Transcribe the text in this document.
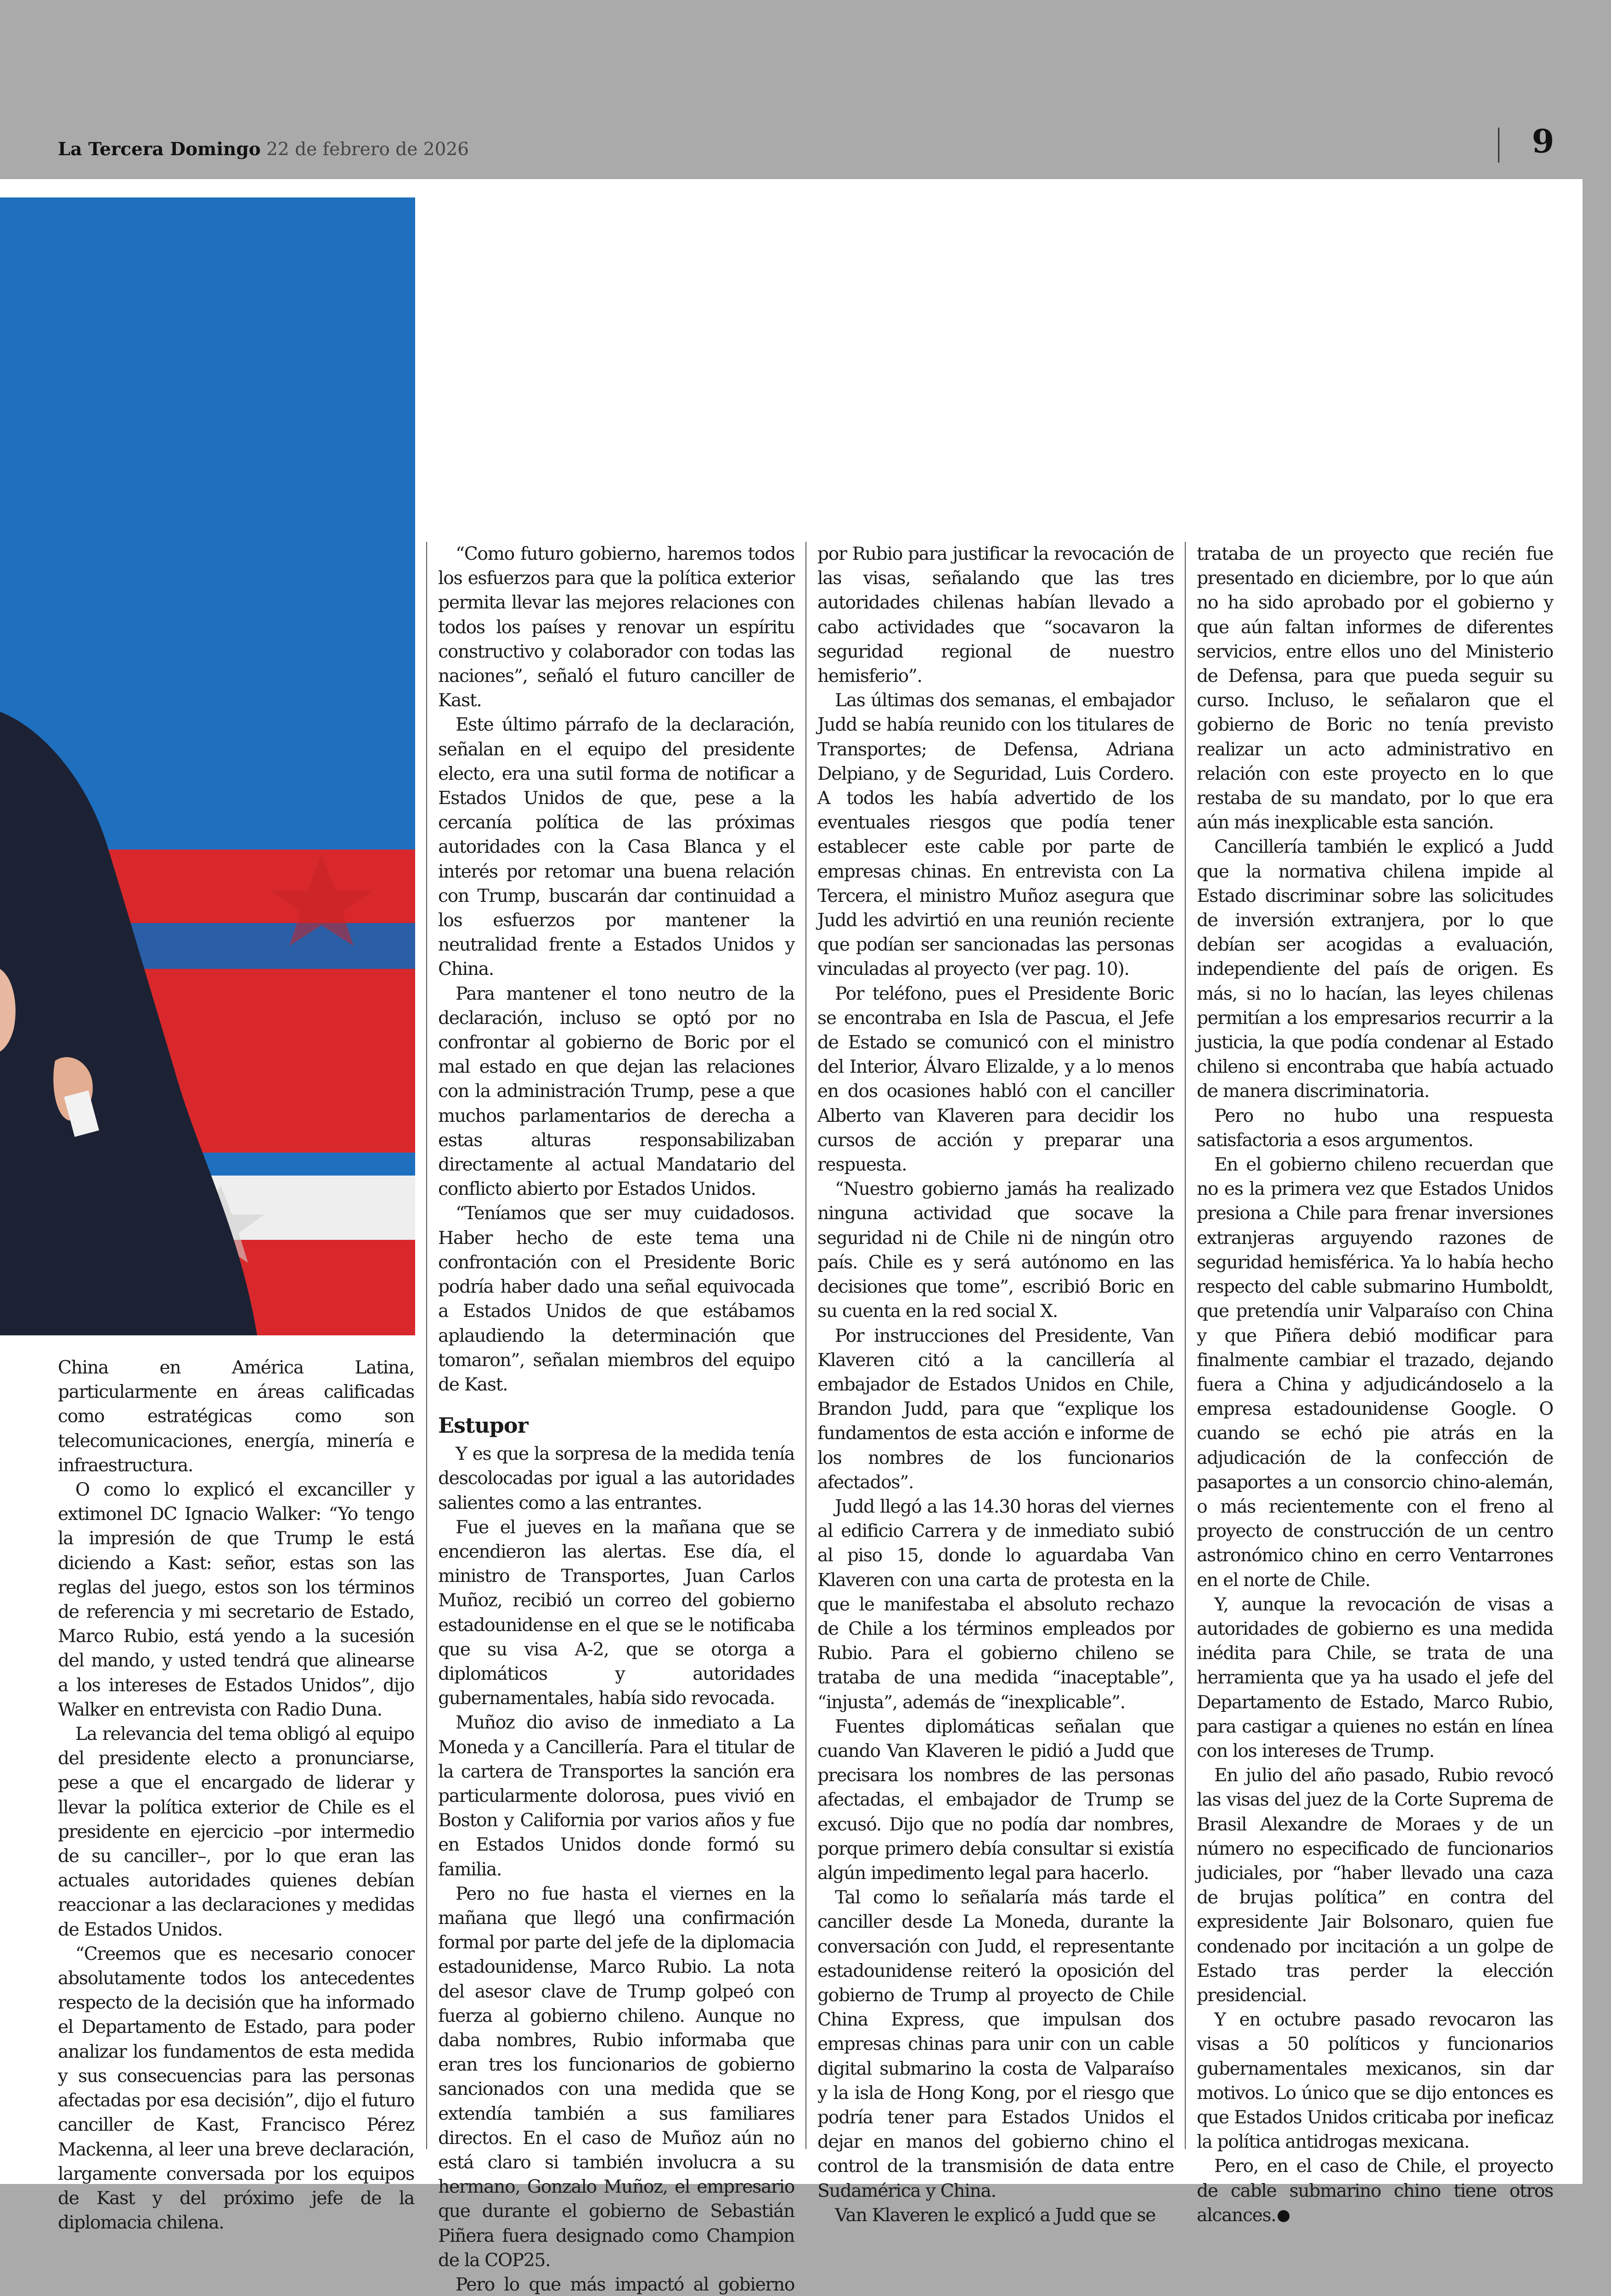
La Tercera Domingo 22 de febrero de 2026	9

China en América Latina, particularmente en áreas calificadas como estratégicas como son telecomunicaciones, energía, minería e infraestructura.

O como lo explicó el excanciller y extimonel DC Ignacio Walker: “Yo tengo la impresión de que Trump le está diciendo a Kast: señor, estas son las reglas del juego, estos son los términos de referencia y mi secretario de Estado, Marco Rubio, está yendo a la sucesión del mando, y usted tendrá que alinearse a los intereses de Estados Unidos”, dijo Walker en entrevista con Radio Duna.

La relevancia del tema obligó al equipo del presidente electo a pronunciarse, pese a que el encargado de liderar y llevar la política exterior de Chile es el presidente en ejercicio –por intermedio de su canciller–, por lo que eran las actuales autoridades quienes debían reaccionar a las declaraciones y medidas de Estados Unidos.

“Creemos que es necesario conocer absolutamente todos los antecedentes respecto de la decisión que ha informado el Departamento de Estado, para poder analizar los fundamentos de esta medida y sus consecuencias para las personas afectadas por esa decisión”, dijo el futuro canciller de Kast, Francisco Pérez Mackenna, al leer una breve declaración, largamente conversada por los equipos de Kast y del próximo jefe de la diplomacia chilena.

“Como futuro gobierno, haremos todos los esfuerzos para que la política exterior permita llevar las mejores relaciones con todos los países y renovar un espíritu constructivo y colaborador con todas las naciones”, señaló el futuro canciller de Kast.

Este último párrafo de la declaración, señalan en el equipo del presidente electo, era una sutil forma de notificar a Estados Unidos de que, pese a la cercanía política de las próximas autoridades con la Casa Blanca y el interés por retomar una buena relación con Trump, buscarán dar continuidad a los esfuerzos por mantener la neutralidad frente a Estados Unidos y China.

Para mantener el tono neutro de la declaración, incluso se optó por no confrontar al gobierno de Boric por el mal estado en que dejan las relaciones con la administración Trump, pese a que muchos parlamentarios de derecha a estas alturas responsabilizaban directamente al actual Mandatario del conflicto abierto por Estados Unidos.

“Teníamos que ser muy cuidadosos. Haber hecho de este tema una confrontación con el Presidente Boric podría haber dado una señal equivocada a Estados Unidos de que estábamos aplaudiendo la determinación que tomaron”, señalan miembros del equipo de Kast.

Estupor

Y es que la sorpresa de la medida tenía descolocadas por igual a las autoridades salientes como a las entrantes.

Fue el jueves en la mañana que se encendieron las alertas. Ese día, el ministro de Transportes, Juan Carlos Muñoz, recibió un correo del gobierno estadounidense en el que se le notificaba que su visa A-2, que se otorga a diplomáticos y autoridades gubernamentales, había sido revocada.

Muñoz dio aviso de inmediato a La Moneda y a Cancillería. Para el titular de la cartera de Transportes la sanción era particularmente dolorosa, pues vivió en Boston y California por varios años y fue en Estados Unidos donde formó su familia.

Pero no fue hasta el viernes en la mañana que llegó una confirmación formal por parte del jefe de la diplomacia estadounidense, Marco Rubio. La nota del asesor clave de Trump golpeó con fuerza al gobierno chileno. Aunque no daba nombres, Rubio informaba que eran tres los funcionarios de gobierno sancionados con una medida que se extendía también a sus familiares directos. En el caso de Muñoz aún no está claro si también involucra a su hermano, Gonzalo Muñoz, el empresario que durante el gobierno de Sebastián Piñera fuera designado como Champion de la COP25.

Pero lo que más impactó al gobierno

por Rubio para justificar la revocación de las visas, señalando que las tres autoridades chilenas habían llevado a cabo actividades que “socavaron la seguridad regional de nuestro hemisferio”.

Las últimas dos semanas, el embajador Judd se había reunido con los titulares de Transportes; de Defensa, Adriana Delpiano, y de Seguridad, Luis Cordero. A todos les había advertido de los eventuales riesgos que podía tener establecer este cable por parte de empresas chinas. En entrevista con La Tercera, el ministro Muñoz asegura que Judd les advirtió en una reunión reciente que podían ser sancionadas las personas vinculadas al proyecto (ver pag. 10).

Por teléfono, pues el Presidente Boric se encontraba en Isla de Pascua, el Jefe de Estado se comunicó con el ministro del Interior, Álvaro Elizalde, y a lo menos en dos ocasiones habló con el canciller Alberto van Klaveren para decidir los cursos de acción y preparar una respuesta.

“Nuestro gobierno jamás ha realizado ninguna actividad que socave la seguridad ni de Chile ni de ningún otro país. Chile es y será autónomo en las decisiones que tome”, escribió Boric en su cuenta en la red social X.

Por instrucciones del Presidente, Van Klaveren citó a la cancillería al embajador de Estados Unidos en Chile, Brandon Judd, para que “explique los fundamentos de esta acción e informe de los nombres de los funcionarios afectados”.

Judd llegó a las 14.30 horas del viernes al edificio Carrera y de inmediato subió al piso 15, donde lo aguardaba Van Klaveren con una carta de protesta en la que le manifestaba el absoluto rechazo de Chile a los términos empleados por Rubio. Para el gobierno chileno se trataba de una medida “inaceptable”, “injusta”, además de “inexplicable”.

Fuentes diplomáticas señalan que cuando Van Klaveren le pidió a Judd que precisara los nombres de las personas afectadas, el embajador de Trump se excusó. Dijo que no podía dar nombres, porque primero debía consultar si existía algún impedimento legal para hacerlo.

Tal como lo señalaría más tarde el canciller desde La Moneda, durante la conversación con Judd, el representante estadounidense reiteró la oposición del gobierno de Trump al proyecto de Chile China Express, que impulsan dos empresas chinas para unir con un cable digital submarino la costa de Valparaíso y la isla de Hong Kong, por el riesgo que podría tener para Estados Unidos el dejar en manos del gobierno chino el control de la transmisión de data entre Sudamérica y China.

Van Klaveren le explicó a Judd que se

trataba de un proyecto que recién fue presentado en diciembre, por lo que aún no ha sido aprobado por el gobierno y que aún faltan informes de diferentes servicios, entre ellos uno del Ministerio de Defensa, para que pueda seguir su curso. Incluso, le señalaron que el gobierno de Boric no tenía previsto realizar un acto administrativo en relación con este proyecto en lo que restaba de su mandato, por lo que era aún más inexplicable esta sanción.

Cancillería también le explicó a Judd que la normativa chilena impide al Estado discriminar sobre las solicitudes de inversión extranjera, por lo que debían ser acogidas a evaluación, independiente del país de origen. Es más, si no lo hacían, las leyes chilenas permitían a los empresarios recurrir a la justicia, la que podía condenar al Estado chileno si encontraba que había actuado de manera discriminatoria.

Pero no hubo una respuesta satisfactoria a esos argumentos.

En el gobierno chileno recuerdan que no es la primera vez que Estados Unidos presiona a Chile para frenar inversiones extranjeras arguyendo razones de seguridad hemisférica. Ya lo había hecho respecto del cable submarino Humboldt, que pretendía unir Valparaíso con China y que Piñera debió modificar para finalmente cambiar el trazado, dejando fuera a China y adjudicándoselo a la empresa estadounidense Google. O cuando se echó pie atrás en la adjudicación de la confección de pasaportes a un consorcio chino-alemán, o más recientemente con el freno al proyecto de construcción de un centro astronómico chino en cerro Ventarrones en el norte de Chile.

Y, aunque la revocación de visas a autoridades de gobierno es una medida inédita para Chile, se trata de una herramienta que ya ha usado el jefe del Departamento de Estado, Marco Rubio, para castigar a quienes no están en línea con los intereses de Trump.

En julio del año pasado, Rubio revocó las visas del juez de la Corte Suprema de Brasil Alexandre de Moraes y de un número no especificado de funcionarios judiciales, por “haber llevado una caza de brujas política” en contra del expresidente Jair Bolsonaro, quien fue condenado por incitación a un golpe de Estado tras perder la elección presidencial.

Y en octubre pasado revocaron las visas a 50 políticos y funcionarios gubernamentales mexicanos, sin dar motivos. Lo único que se dijo entonces es que Estados Unidos criticaba por ineficaz la política antidrogas mexicana.

Pero, en el caso de Chile, el proyecto de cable submarino chino tiene otros alcances.
